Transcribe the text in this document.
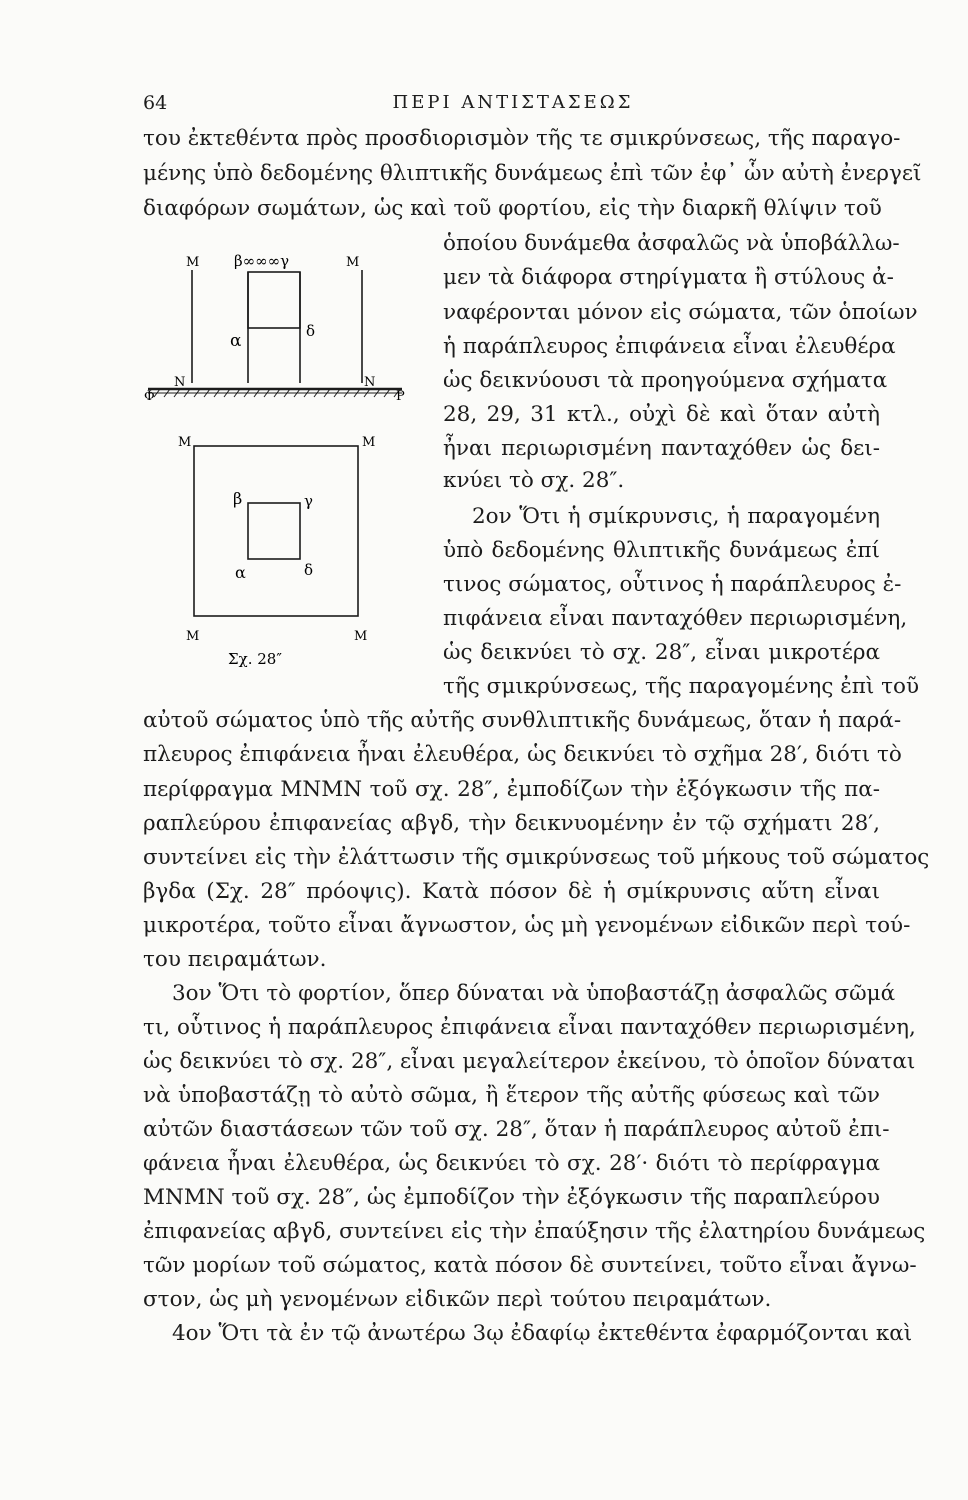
64	ΠΕΡΙ ΑΝΤΙΣΤΑΣΕΩΣ
M β∞∞∞γ	M
α	δ
N	N
Φ	P
M	M
β	γ
α	δ
M	M
Σχ. 28″
του ἐκτεθέντα πρὸς προσδιορισμὸν τῆς τε σμικρύνσεως, τῆς παραγο-
μένης ὑπὸ δεδομένης θλιπτικῆς δυνάμεως ἐπὶ τῶν ἐφ᾽ ὧν αὐτὴ ἐνεργεῖ
διαφόρων σωμάτων, ὡς καὶ τοῦ φορτίου, εἰς τὴν διαρκῆ θλίψιν τοῦ
ὁποίου δυνάμεθα ἀσφαλῶς νὰ ὑποβάλλω-
μεν τὰ διάφορα στηρίγματα ἢ στύλους ἀ-
ναφέρονται μόνον εἰς σώματα, τῶν ὁποίων
ἡ παράπλευρος ἐπιφάνεια εἶναι ἐλευθέρα
ὡς δεικνύουσι τὰ προηγούμενα σχήματα
28, 29, 31 κτλ., οὐχὶ δὲ καὶ ὅταν αὐτὴ
ἦναι περιωρισμένη πανταχόθεν ὡς δει-
κνύει τὸ σχ. 28″.
2ον Ὅτι ἡ σμίκρυνσις, ἡ παραγομένη
ὑπὸ δεδομένης θλιπτικῆς δυνάμεως ἐπί
τινος σώματος, οὗτινος ἡ παράπλευρος ἐ-
πιφάνεια εἶναι πανταχόθεν περιωρισμένη,
ὡς δεικνύει τὸ σχ. 28″, εἶναι μικροτέρα
τῆς σμικρύνσεως, τῆς παραγομένης ἐπὶ τοῦ
αὐτοῦ σώματος ὑπὸ τῆς αὐτῆς συνθλιπτικῆς δυνάμεως, ὅταν ἡ παρά-
πλευρος ἐπιφάνεια ἦναι ἐλευθέρα, ὡς δεικνύει τὸ σχῆμα 28′, διότι τὸ
περίφραγμα MNMN τοῦ σχ. 28″, ἐμποδίζων τὴν ἐξόγκωσιν τῆς πα-
ραπλεύρου ἐπιφανείας αβγδ, τὴν δεικνυομένην ἐν τῷ σχήματι 28′,
συντείνει εἰς τὴν ἐλάττωσιν τῆς σμικρύνσεως τοῦ μήκους τοῦ σώματος
βγδα (Σχ. 28″ πρόοψις). Κατὰ πόσον δὲ ἡ σμίκρυνσις αὕτη εἶναι
μικροτέρα, τοῦτο εἶναι ἄγνωστον, ὡς μὴ γενομένων εἰδικῶν περὶ τού-
του πειραμάτων.
3ον Ὅτι τὸ φορτίον, ὅπερ δύναται νὰ ὑποβαστάζῃ ἀσφαλῶς σῶμά
τι, οὗτινος ἡ παράπλευρος ἐπιφάνεια εἶναι πανταχόθεν περιωρισμένη,
ὡς δεικνύει τὸ σχ. 28″, εἶναι μεγαλείτερον ἐκείνου, τὸ ὁποῖον δύναται
νὰ ὑποβαστάζῃ τὸ αὐτὸ σῶμα, ἢ ἕτερον τῆς αὐτῆς φύσεως καὶ τῶν
αὐτῶν διαστάσεων τῶν τοῦ σχ. 28″, ὅταν ἡ παράπλευρος αὐτοῦ ἐπι-
φάνεια ἦναι ἐλευθέρα, ὡς δεικνύει τὸ σχ. 28′· διότι τὸ περίφραγμα
MNMN τοῦ σχ. 28″, ὡς ἐμποδίζον τὴν ἐξόγκωσιν τῆς παραπλεύρου
ἐπιφανείας αβγδ, συντείνει εἰς τὴν ἐπαύξησιν τῆς ἐλατηρίου δυνάμεως
τῶν μορίων τοῦ σώματος, κατὰ πόσον δὲ συντείνει, τοῦτο εἶναι ἄγνω-
στον, ὡς μὴ γενομένων εἰδικῶν περὶ τούτου πειραμάτων.
4ον Ὅτι τὰ ἐν τῷ ἀνωτέρω 3ῳ ἐδαφίῳ ἐκτεθέντα ἐφαρμόζονται καὶ
